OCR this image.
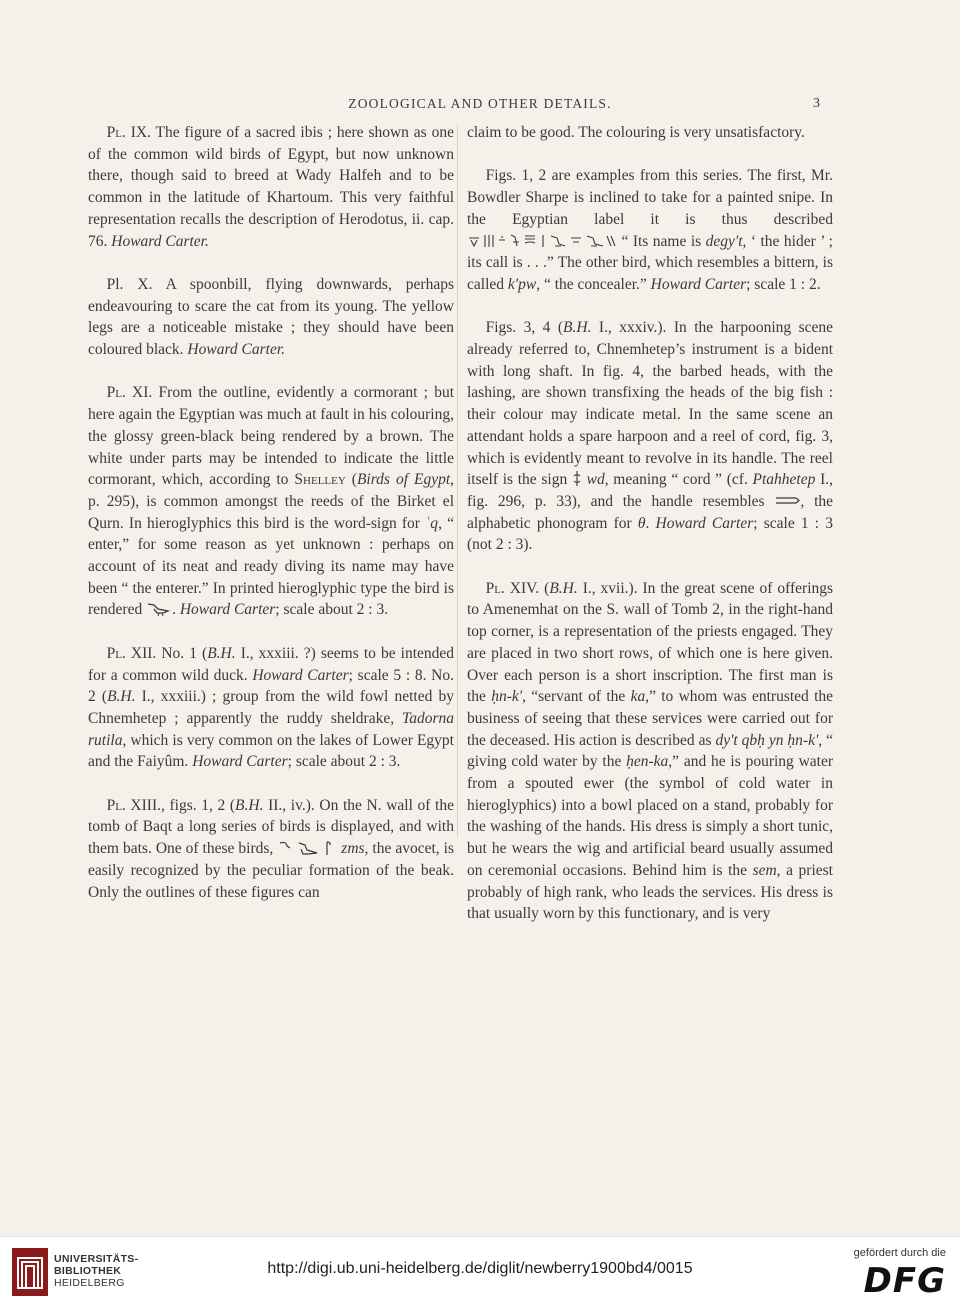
ZOOLOGICAL AND OTHER DETAILS.	3

Pl. IX. The figure of a sacred ibis ; here shown as one of the common wild birds of Egypt, but now unknown there, though said to breed at Wady Halfeh and to be common in the latitude of Khartoum. This very faithful representation recalls the description of Herodotus, ii. cap. 76. Howard Carter.

Pl. X. A spoonbill, flying downwards, perhaps endeavouring to scare the cat from its young. The yellow legs are a noticeable mistake ; they should have been coloured black. Howard Carter.

Pl. XI. From the outline, evidently a cormorant ; but here again the Egyptian was much at fault in his colouring, the glossy green-black being rendered by a brown. The white under parts may be intended to indicate the little cormorant, which, according to Shelley (Birds of Egypt, p. 295), is common amongst the reeds of the Birket el Qurn. In hieroglyphics this bird is the word-sign for ʿq, “ enter,” for some reason as yet unknown : perhaps on account of its neat and ready diving its name may have been “ the enterer.” In printed hieroglyphic type the bird is rendered . Howard Carter; scale about 2 : 3.

Pl. XII. No. 1 (B.H. I., xxxiii. ?) seems to be intended for a common wild duck. Howard Carter; scale 5 : 8. No. 2 (B.H. I., xxxiii.) ; group from the wild fowl netted by Chnemhetep ; apparently the ruddy sheldrake, Tadorna rutila, which is very common on the lakes of Lower Egypt and the Faiyûm. Howard Carter; scale about 2 : 3.

Pl. XIII., figs. 1, 2 (B.H. II., iv.). On the N. wall of the tomb of Baqt a long series of birds is displayed, and with them bats. One of these birds,	zms, the avocet, is easily recognized by the peculiar formation of the beak. Only the outlines of these figures can

claim to be good. The colouring is very unsatisfactory.

Figs. 1, 2 are examples from this series. The first, Mr. Bowdler Sharpe is inclined to take for a painted snipe. In the Egyptian label it is thus described  “ Its name is degy't, ‘ the hider ’ ; its call is . . .” The other bird, which resembles a bittern, is called k'pw, “ the concealer.” Howard Carter; scale 1 : 2.

Figs. 3, 4 (B.H. I., xxxiv.). In the harpooning scene already referred to, Chnemhetep’s instrument is a bident with long shaft. In fig. 4, the barbed heads, with the lashing, are shown transfixing the heads of the big fish : their colour may indicate metal. In the same scene an attendant holds a spare harpoon and a reel of cord, fig. 3, which is evidently meant to revolve in its handle. The reel itself is the sign wd, meaning “ cord ” (cf. Ptahhetep I., fig. 296, p. 33), and the handle resembles , the alphabetic phonogram for θ. Howard Carter; scale 1 : 3 (not 2 : 3).

Pl. XIV. (B.H. I., xvii.). In the great scene of offerings to Amenemhat on the S. wall of Tomb 2, in the right-hand top corner, is a representation of the priests engaged. They are placed in two short rows, of which one is here given. Over each person is a short inscription. The first man is the ḥn-k', “servant of the ka,” to whom was entrusted the business of seeing that these services were carried out for the deceased. His action is described as dy't qbḥ yn ḥn-k', “ giving cold water by the ḥen-ka,” and he is pouring water from a spouted ewer (the symbol of cold water in hieroglyphics) into a bowl placed on a stand, probably for the washing of the hands. His dress is simply a short tunic, but he wears the wig and artificial beard usually assumed on ceremonial occasions. Behind him is the sem, a priest probably of high rank, who leads the services. His dress is that usually worn by this functionary, and is very

UNIVERSITÄTS-
BIBLIOTHEK
HEIDELBERG
http://digi.ub.uni-heidelberg.de/diglit/newberry1900bd4/0015
gefördert durch die
DFG
